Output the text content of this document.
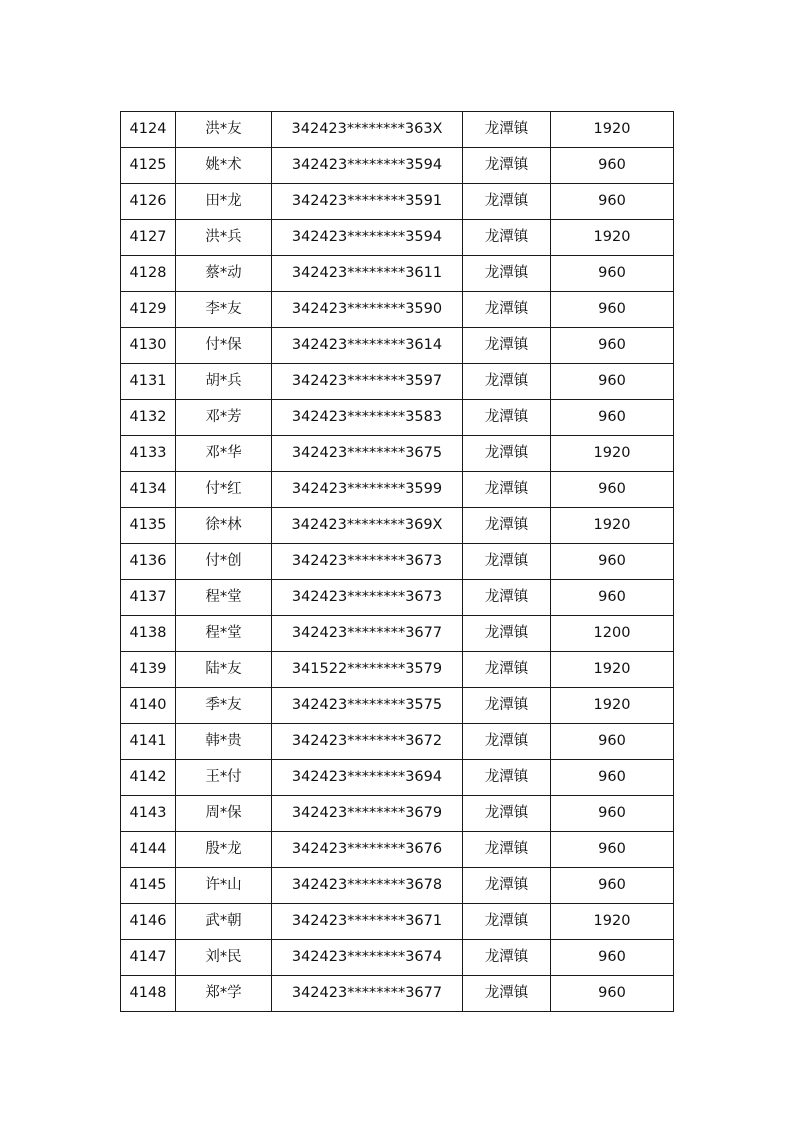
4124	洪*友	342423********363X	龙潭镇	1920
4125	姚*术	342423********3594	龙潭镇	960
4126	田*龙	342423********3591	龙潭镇	960
4127	洪*兵	342423********3594	龙潭镇	1920
4128	蔡*动	342423********3611	龙潭镇	960
4129	李*友	342423********3590	龙潭镇	960
4130	付*保	342423********3614	龙潭镇	960
4131	胡*兵	342423********3597	龙潭镇	960
4132	邓*芳	342423********3583	龙潭镇	960
4133	邓*华	342423********3675	龙潭镇	1920
4134	付*红	342423********3599	龙潭镇	960
4135	徐*林	342423********369X	龙潭镇	1920
4136	付*创	342423********3673	龙潭镇	960
4137	程*堂	342423********3673	龙潭镇	960
4138	程*堂	342423********3677	龙潭镇	1200
4139	陆*友	341522********3579	龙潭镇	1920
4140	季*友	342423********3575	龙潭镇	1920
4141	韩*贵	342423********3672	龙潭镇	960
4142	王*付	342423********3694	龙潭镇	960
4143	周*保	342423********3679	龙潭镇	960
4144	殷*龙	342423********3676	龙潭镇	960
4145	许*山	342423********3678	龙潭镇	960
4146	武*朝	342423********3671	龙潭镇	1920
4147	刘*民	342423********3674	龙潭镇	960
4148	郑*学	342423********3677	龙潭镇	960
